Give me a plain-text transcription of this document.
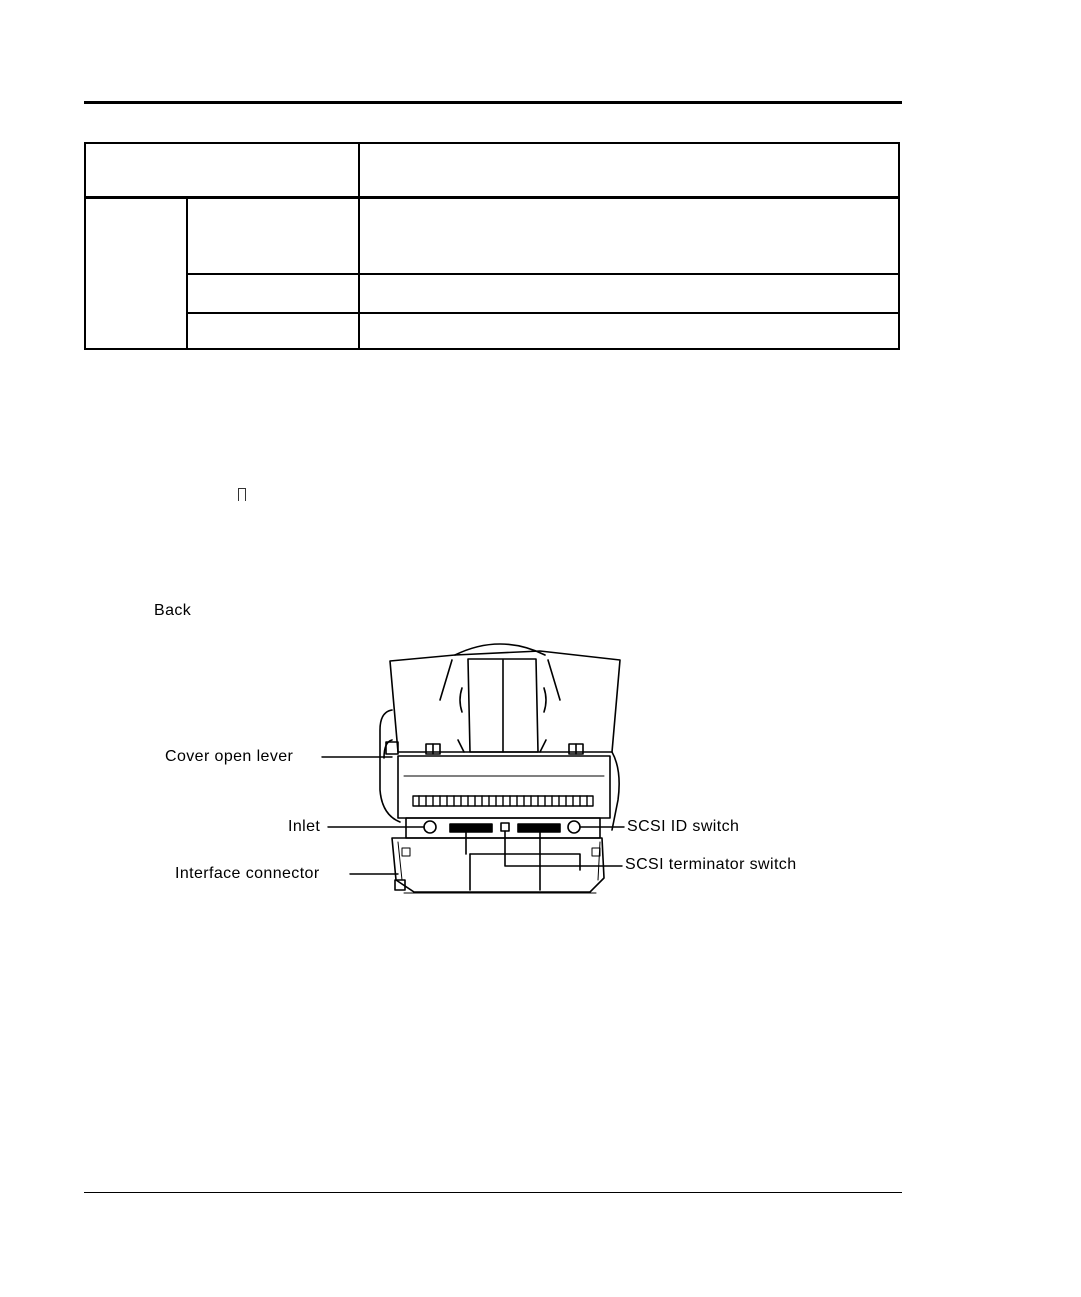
Back
Cover open lever
Inlet
Interface connector
SCSI ID switch
SCSI terminator switch
